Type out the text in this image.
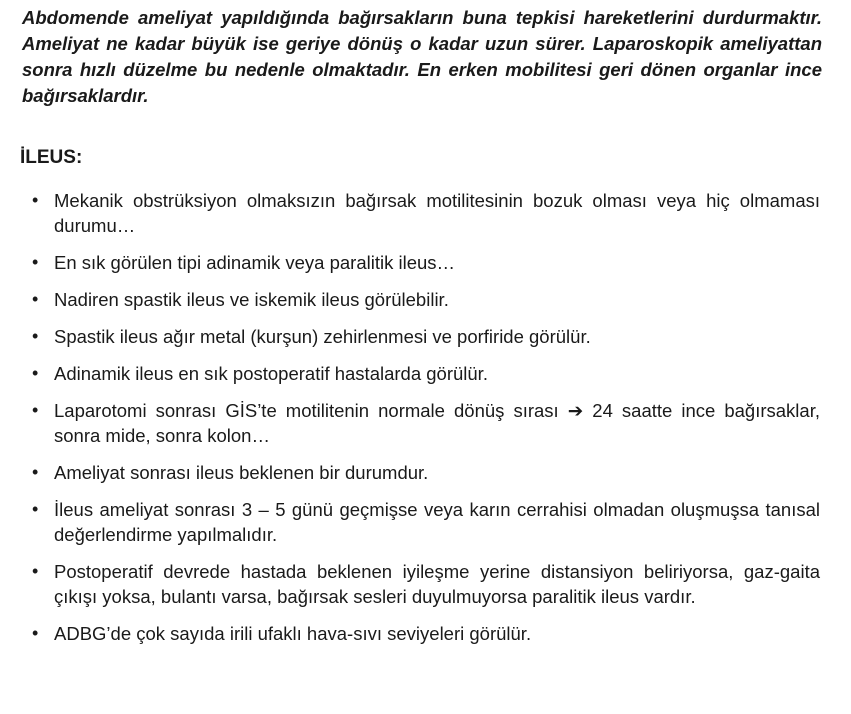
Abdomende ameliyat yapıldığında bağırsakların buna tepkisi hareketlerini durdurmaktır. Ameliyat ne kadar büyük ise geriye dönüş o kadar uzun sürer. Laparoskopik ameliyattan sonra hızlı düzelme bu nedenle olmaktadır. En erken mobilitesi geri dönen organlar ince bağırsaklardır.

İLEUS:
• Mekanik obstrüksiyon olmaksızın bağırsak motilitesinin bozuk olması veya hiç olmaması durumu…
• En sık görülen tipi adinamik veya paralitik ileus…
• Nadiren spastik ileus ve iskemik ileus görülebilir.
• Spastik ileus ağır metal (kurşun) zehirlenmesi ve porfiride görülür.
• Adinamik ileus en sık postoperatif hastalarda görülür.
• Laparotomi sonrası GİS’te motilitenin normale dönüş sırası ➔ 24 saatte ince bağırsaklar, sonra mide, sonra kolon…
• Ameliyat sonrası ileus beklenen bir durumdur.
• İleus ameliyat sonrası 3 – 5 günü geçmişse veya karın cerrahisi olmadan oluşmuşsa tanısal değerlendirme yapılmalıdır.
• Postoperatif devrede hastada beklenen iyileşme yerine distansiyon beliriyorsa, gaz-gaita çıkışı yoksa, bulantı varsa, bağırsak sesleri duyulmuyorsa paralitik ileus vardır.
• ADBG’de çok sayıda irili ufaklı hava-sıvı seviyeleri görülür.
